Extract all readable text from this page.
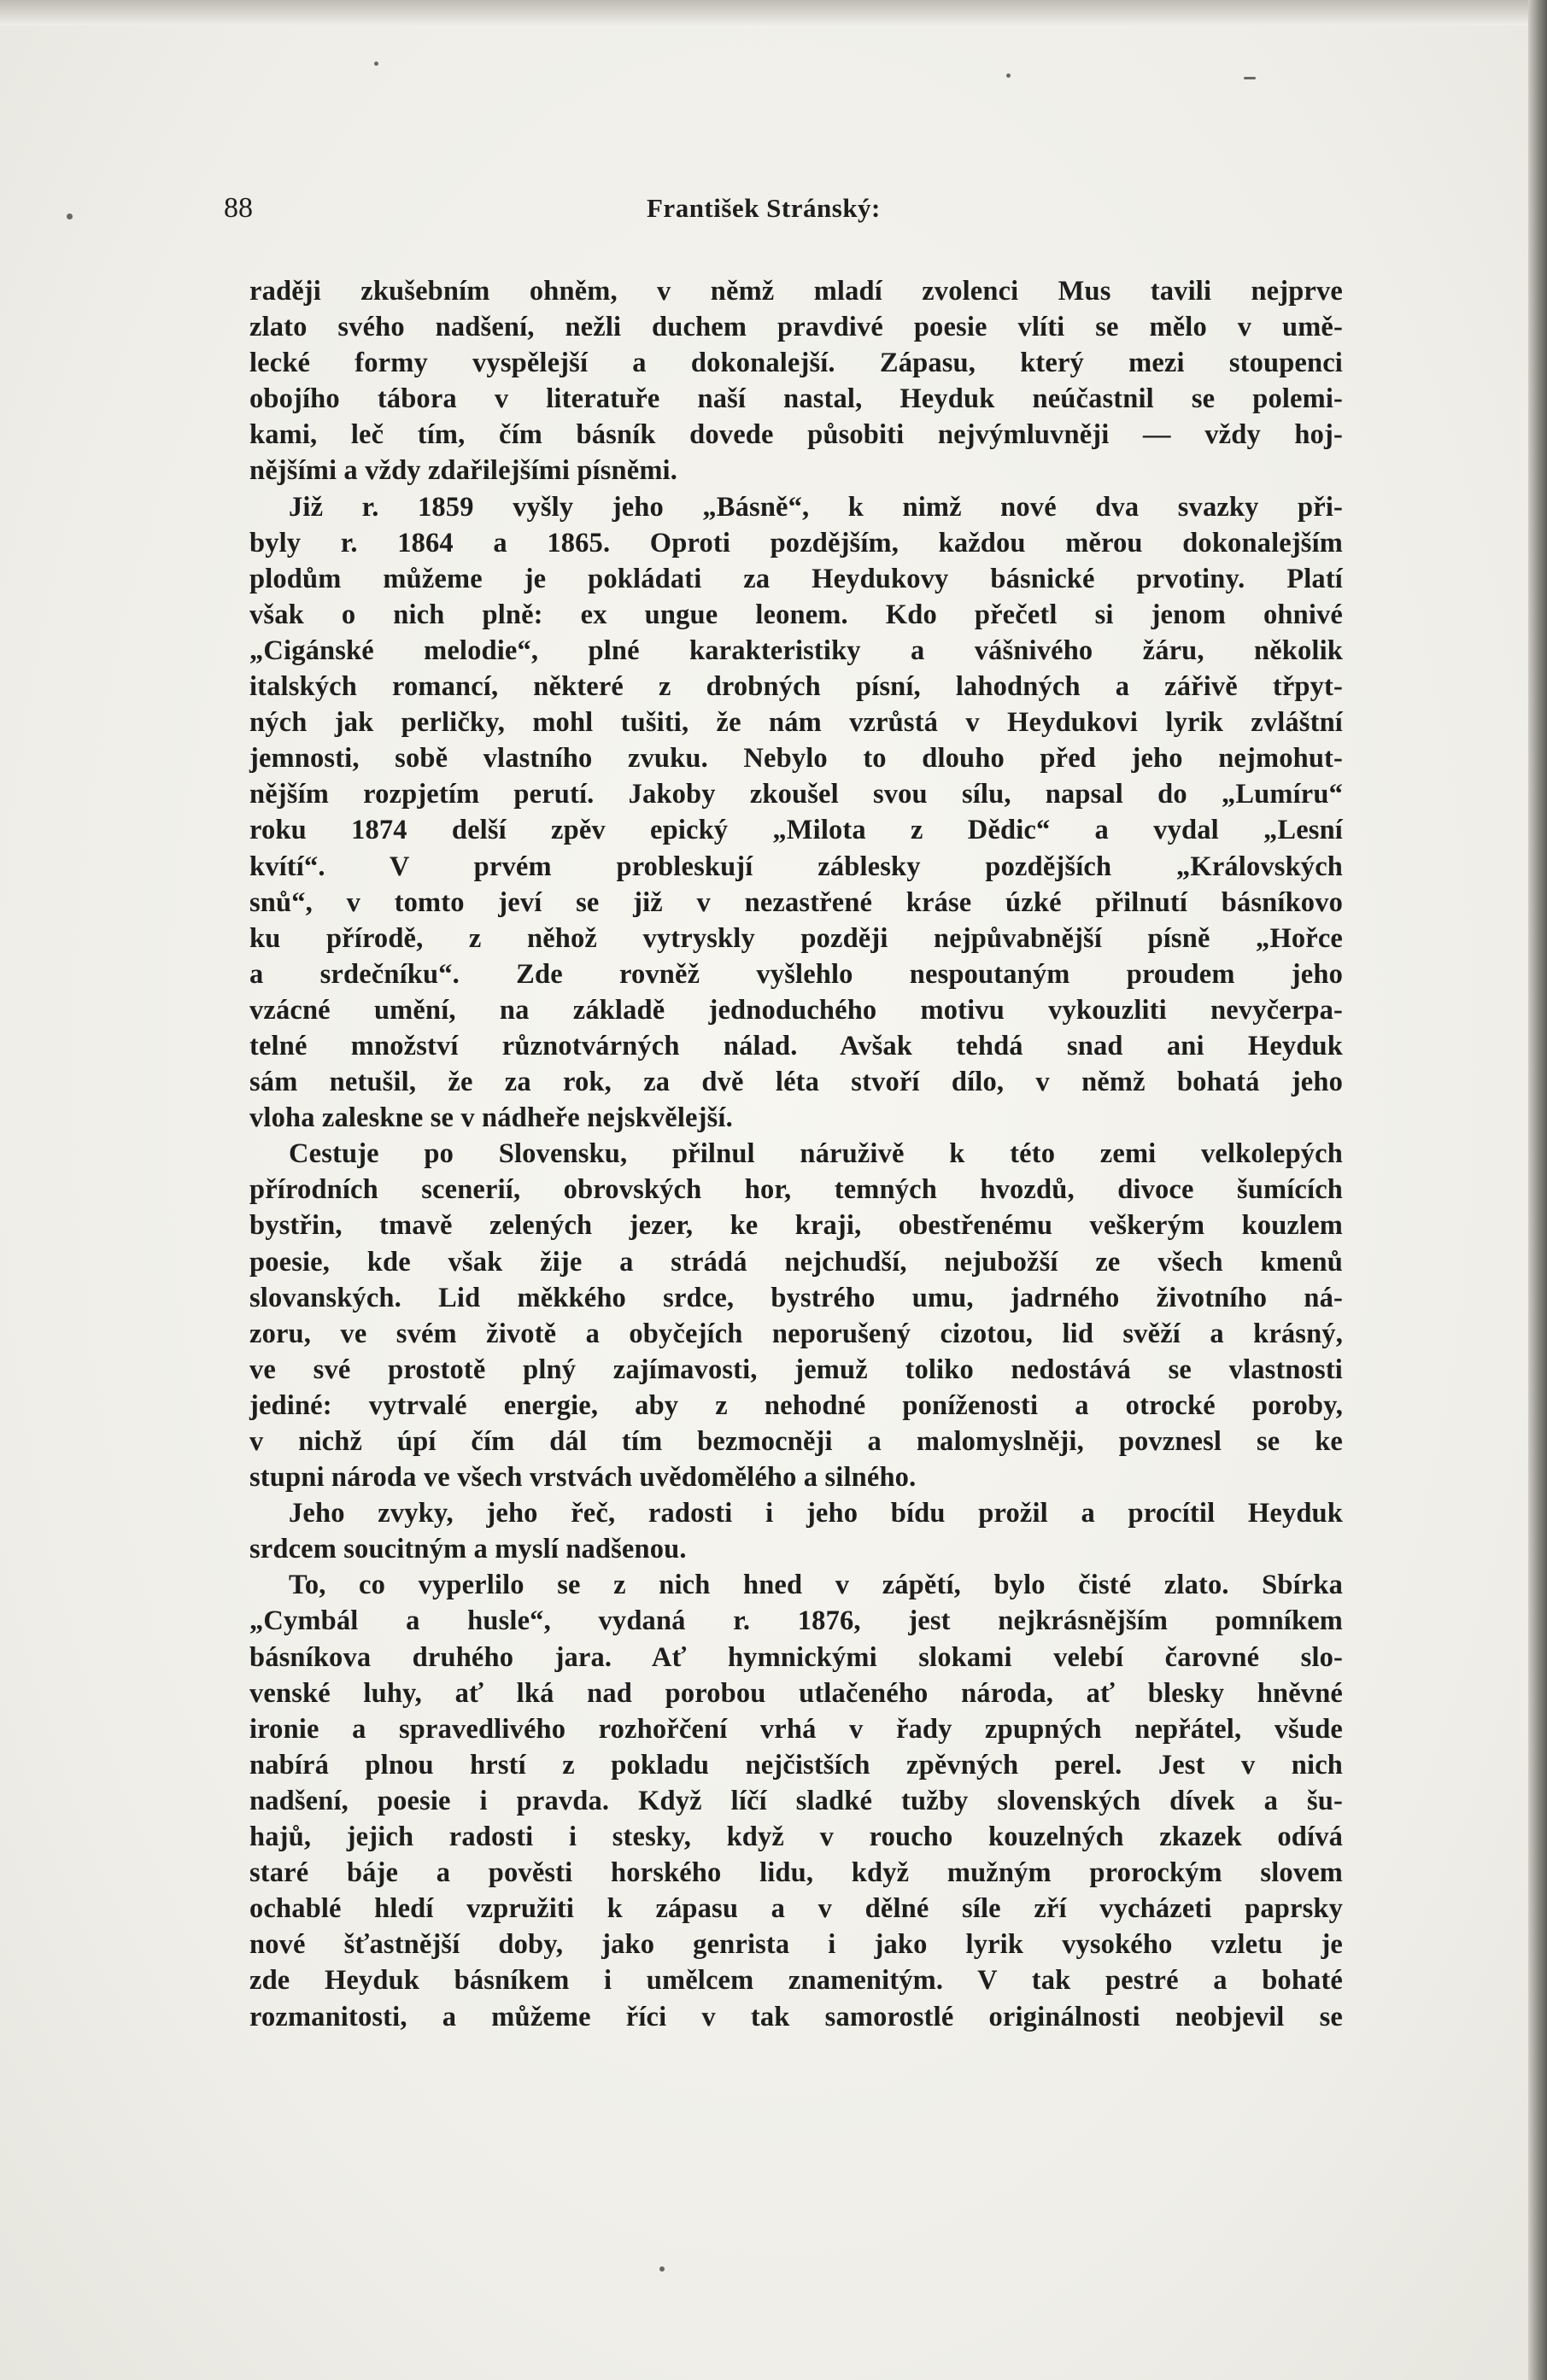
88	František Stránský:
raději zkušebním ohněm, v němž mladí zvolenci Mus tavili nejprve
zlato svého nadšení, nežli duchem pravdivé poesie vlíti se mělo v umě-
lecké formy vyspělejší a dokonalejší. Zápasu, který mezi stoupenci
obojího tábora v literatuře naší nastal, Heyduk neúčastnil se polemi-
kami, leč tím, čím básník dovede působiti nejvýmluvněji — vždy hoj-
nějšími a vždy zdařilejšími písněmi.
Již r. 1859 vyšly jeho „Básně“, k nimž nové dva svazky při-
byly r. 1864 a 1865. Oproti pozdějším, každou měrou dokonalejším
plodům můžeme je pokládati za Heydukovy básnické prvotiny. Platí
však o nich plně: ex ungue leonem. Kdo přečetl si jenom ohnivé
„Cigánské melodie“, plné karakteristiky a vášnivého žáru, několik
italských romancí, některé z drobných písní, lahodných a zářivě třpyt-
ných jak perličky, mohl tušiti, že nám vzrůstá v Heydukovi lyrik zvláštní
jemnosti, sobě vlastního zvuku. Nebylo to dlouho před jeho nejmohut-
nějším rozpjetím perutí. Jakoby zkoušel svou sílu, napsal do „Lumíru“
roku 1874 delší zpěv epický „Milota z Dědic“ a vydal „Lesní
kvítí“. V prvém probleskují záblesky pozdějších „Královských
snů“, v tomto jeví se již v nezastřené kráse úzké přilnutí básníkovo
ku přírodě, z něhož vytryskly později nejpůvabnější písně „Hořce
a srdečníku“. Zde rovněž vyšlehlo nespoutaným proudem jeho
vzácné umění, na základě jednoduchého motivu vykouzliti nevyčerpa-
telné množství různotvárných nálad. Avšak tehdá snad ani Heyduk
sám netušil, že za rok, za dvě léta stvoří dílo, v němž bohatá jeho
vloha zaleskne se v nádheře nejskvělejší.
Cestuje po Slovensku, přilnul náruživě k této zemi velkolepých
přírodních scenerií, obrovských hor, temných hvozdů, divoce šumících
bystřin, tmavě zelených jezer, ke kraji, obestřenému veškerým kouzlem
poesie, kde však žije a strádá nejchudší, nejubožší ze všech kmenů
slovanských. Lid měkkého srdce, bystrého umu, jadrného životního ná-
zoru, ve svém životě a obyčejích neporušený cizotou, lid svěží a krásný,
ve své prostotě plný zajímavosti, jemuž toliko nedostává se vlastnosti
jediné: vytrvalé energie, aby z nehodné poníženosti a otrocké poroby,
v nichž úpí čím dál tím bezmocněji a malomyslněji, povznesl se ke
stupni národa ve všech vrstvách uvědomělého a silného.
Jeho zvyky, jeho řeč, radosti i jeho bídu prožil a procítil Heyduk
srdcem soucitným a myslí nadšenou.
To, co vyperlilo se z nich hned v zápětí, bylo čisté zlato. Sbírka
„Cymbál a husle“, vydaná r. 1876, jest nejkrásnějším pomníkem
básníkova druhého jara. Ať hymnickými slokami velebí čarovné slo-
venské luhy, ať lká nad porobou utlačeného národa, ať blesky hněvné
ironie a spravedlivého rozhořčení vrhá v řady zpupných nepřátel, všude
nabírá plnou hrstí z pokladu nejčistších zpěvných perel. Jest v nich
nadšení, poesie i pravda. Když líčí sladké tužby slovenských dívek a šu-
hajů, jejich radosti i stesky, když v roucho kouzelných zkazek odívá
staré báje a pověsti horského lidu, když mužným prorockým slovem
ochablé hledí vzpružiti k zápasu a v dělné síle zří vycházeti paprsky
nové šťastnější doby, jako genrista i jako lyrik vysokého vzletu je
zde Heyduk básníkem i umělcem znamenitým. V tak pestré a bohaté
rozmanitosti, a můžeme říci v tak samorostlé originálnosti neobjevil se
